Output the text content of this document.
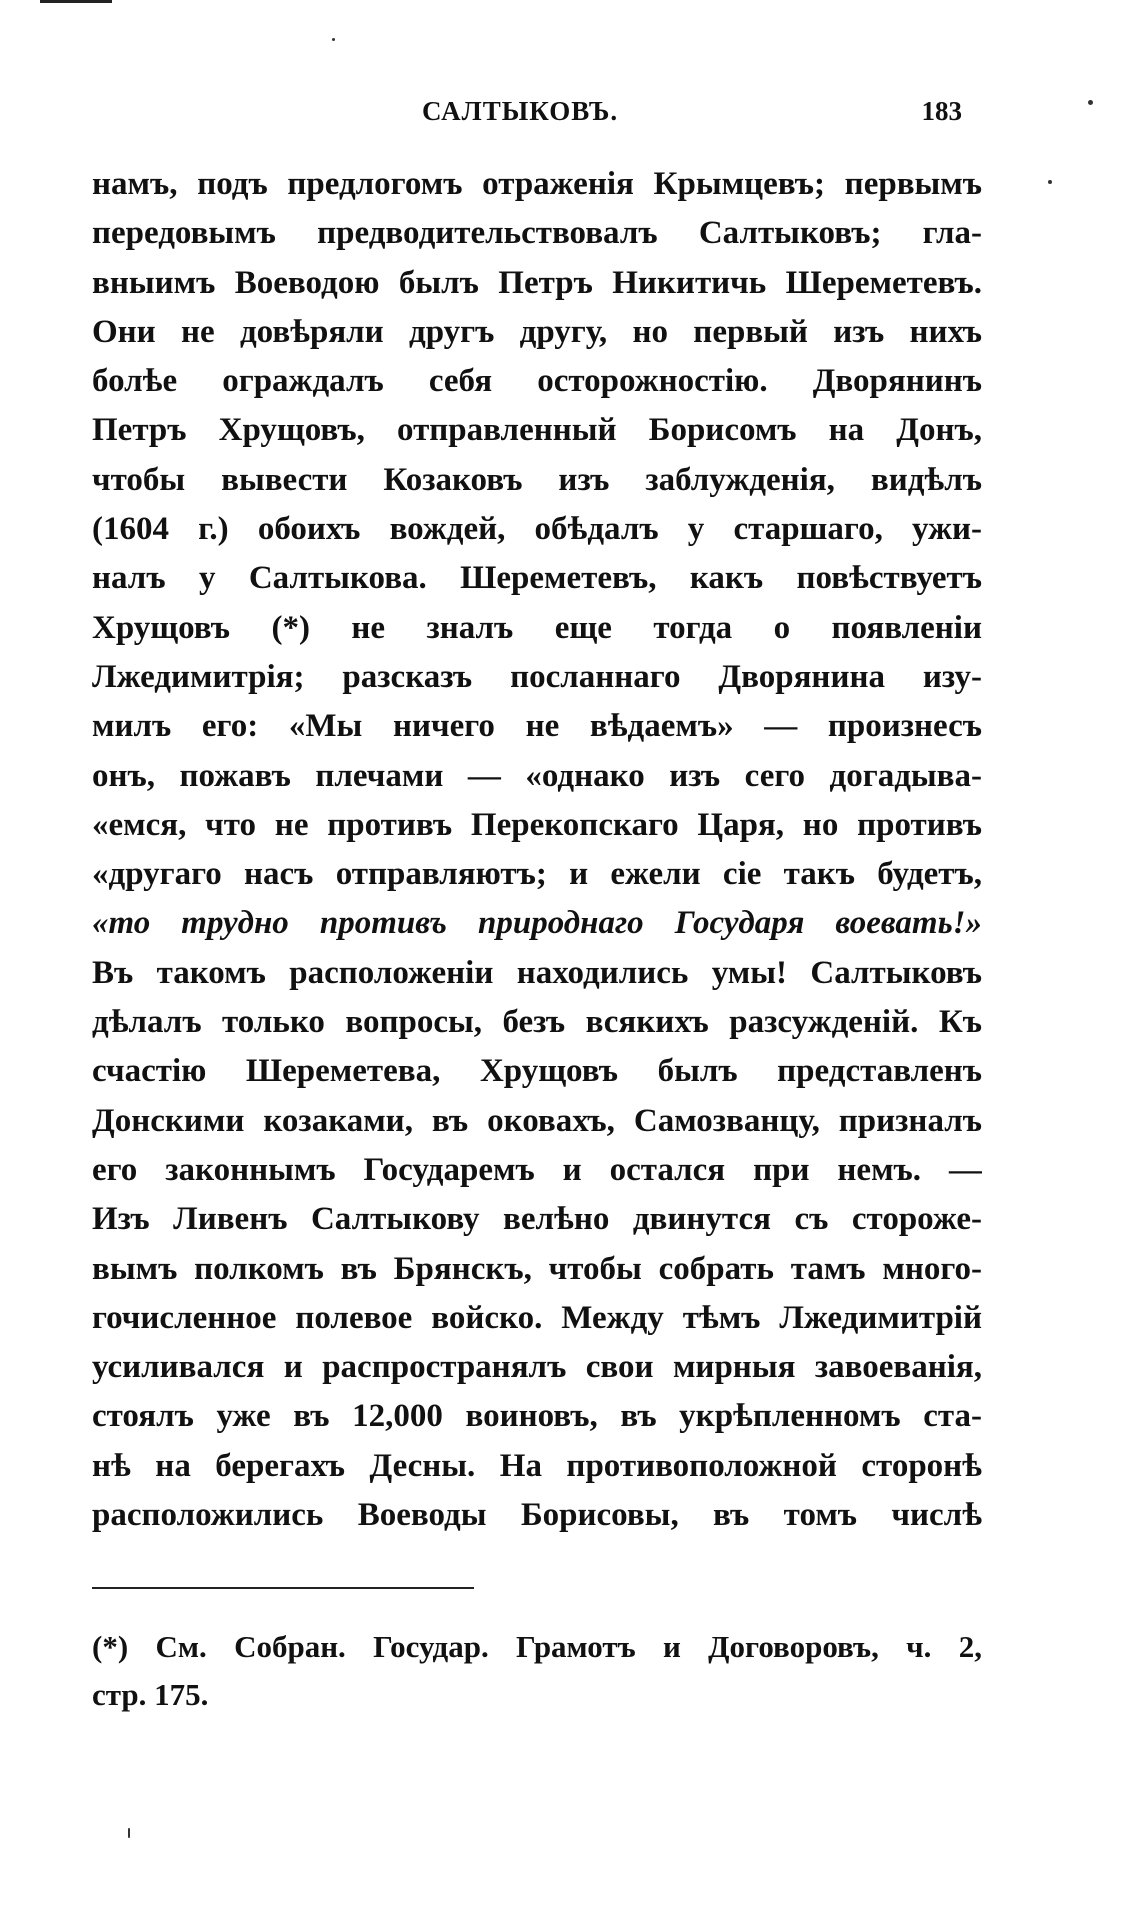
САЛТЫКОВЪ.	183
намъ, подъ предлогомъ отраженія Крымцевъ; первымъ
передовымъ предводительствовалъ Салтыковъ; гла-
вныимъ Воеводою былъ Петръ Никитичь Шереметевъ.
Они не довѣряли другъ другу, но первый изъ нихъ
болѣе ограждалъ себя осторожностію. Дворянинъ
Петръ Хрущовъ, отправленный Борисомъ на Донъ,
чтобы вывести Козаковъ изъ заблужденія, видѣлъ
(1604 г.) обоихъ вождей, обѣдалъ у старшаго, ужи-
налъ у Салтыкова. Шереметевъ, какъ повѣствуетъ
Хрущовъ (*) не зналъ еще тогда о появленіи
Лжедимитрія; разсказъ посланнаго Дворянина изу-
милъ его: «Мы ничего не вѣдаемъ» — произнесъ
онъ, пожавъ плечами — «однако изъ сего догадыва-
«емся, что не противъ Перекопскаго Царя, но противъ
«другаго насъ отправляютъ; и ежели сіе такъ будетъ,
«то трудно противъ природнаго Государя воевать!»
Въ такомъ расположеніи находились умы! Салтыковъ
дѣлалъ только вопросы, безъ всякихъ разсужденій. Къ
счастію Шереметева, Хрущовъ былъ представленъ
Донскими козаками, въ оковахъ, Самозванцу, призналъ
его законнымъ Государемъ и остался при немъ. —
Изъ Ливенъ Салтыкову велѣно двинутся съ стороже-
вымъ полкомъ въ Брянскъ, чтобы собрать тамъ много-
гочисленное полевое войско. Между тѣмъ Лжедимитрій
усиливался и распространялъ свои мирныя завоеванія,
стоялъ уже въ 12,000 воиновъ, въ укрѣпленномъ ста-
нѣ на берегахъ Десны. На противоположной сторонѣ
расположились Воеводы Борисовы, въ томъ числѣ
(*) См. Собран. Государ. Грамотъ и Договоровъ, ч. 2,
стр. 175.
